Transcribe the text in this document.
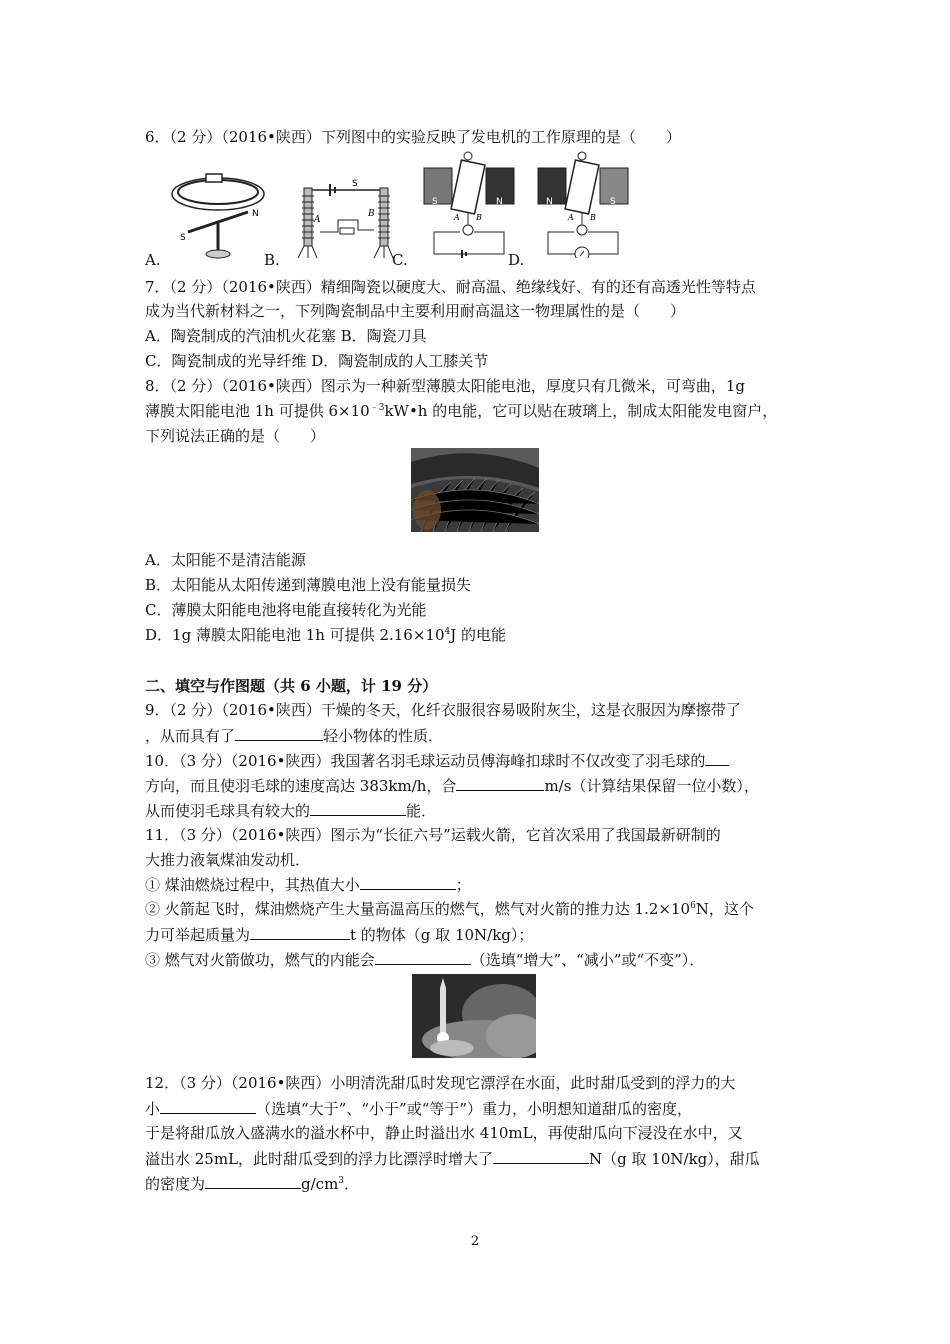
6．（2 分）（2016•陕西）下列图中的实验反映了发电机的工作原理的是（　　）
S
N
A.
S
A
B
B.
S	N
A B
C.
N	S
A B
D.
7．（2 分）（2016•陕西）精细陶瓷以硬度大、耐高温、绝缘线好、有的还有高透光性等特点
成为当代新材料之一，下列陶瓷制品中主要利用耐高温这一物理属性的是（　　）
A．陶瓷制成的汽油机火花塞 B．陶瓷刀具
C．陶瓷制成的光导纤维 D．陶瓷制成的人工膝关节
8．（2 分）（2016•陕西）图示为一种新型薄膜太阳能电池，厚度只有几微米，可弯曲，1g
薄膜太阳能电池 1h 可提供 $6\times 10^{﹣3}kW•h$ 的电能，它可以贴在玻璃上，制成太阳能发电窗户，
下列说法正确的是（　　）
A．太阳能不是清洁能源
B．太阳能从太阳传递到薄膜电池上没有能量损失
C．薄膜太阳能电池将电能直接转化为光能
D．1g 薄膜太阳能电池 1h 可提供 $2.16\times 10^4J$ 的电能
二、填空与作图题（共 6 小题，计 19 分）
9．（2 分）（2016•陕西）干燥的冬天，化纤衣服很容易吸附灰尘，这是衣服因为摩擦带了
，从而具有了	轻小物体的性质．
10．（3 分）（2016•陕西）我国著名羽毛球运动员傅海峰扣球时不仅改变了羽毛球的
方向，而且使羽毛球的速度高达 383km/h，合	m/s（计算结果保留一位小数），
从而使羽毛球具有较大的	能．
11．（3 分）（2016•陕西）图示为“长征六号”运载火箭，它首次采用了我国最新研制的
大推力液氧煤油发动机．
① 煤油燃烧过程中，其热值大小	；
② 火箭起飞时，煤油燃烧产生大量高温高压的燃气，燃气对火箭的推力达 $1.2\times 10^6N$，这个
力可举起质量为	t 的物体（g 取 10N/kg）；
③ 燃气对火箭做功，燃气的内能会	（选填“增大”、“减小”或“不变”）．
12．（3 分）（2016•陕西）小明清洗甜瓜时发现它漂浮在水面，此时甜瓜受到的浮力的大
小	（选填“大于”、“小于”或“等于”）重力，小明想知道甜瓜的密度，
于是将甜瓜放入盛满水的溢水杯中，静止时溢出水 410mL，再使甜瓜向下浸没在水中，又
溢出水 25mL，此时甜瓜受到的浮力比漂浮时增大了	N（g 取 10N/kg），甜瓜
的密度为	$g/cm^3$．
2
